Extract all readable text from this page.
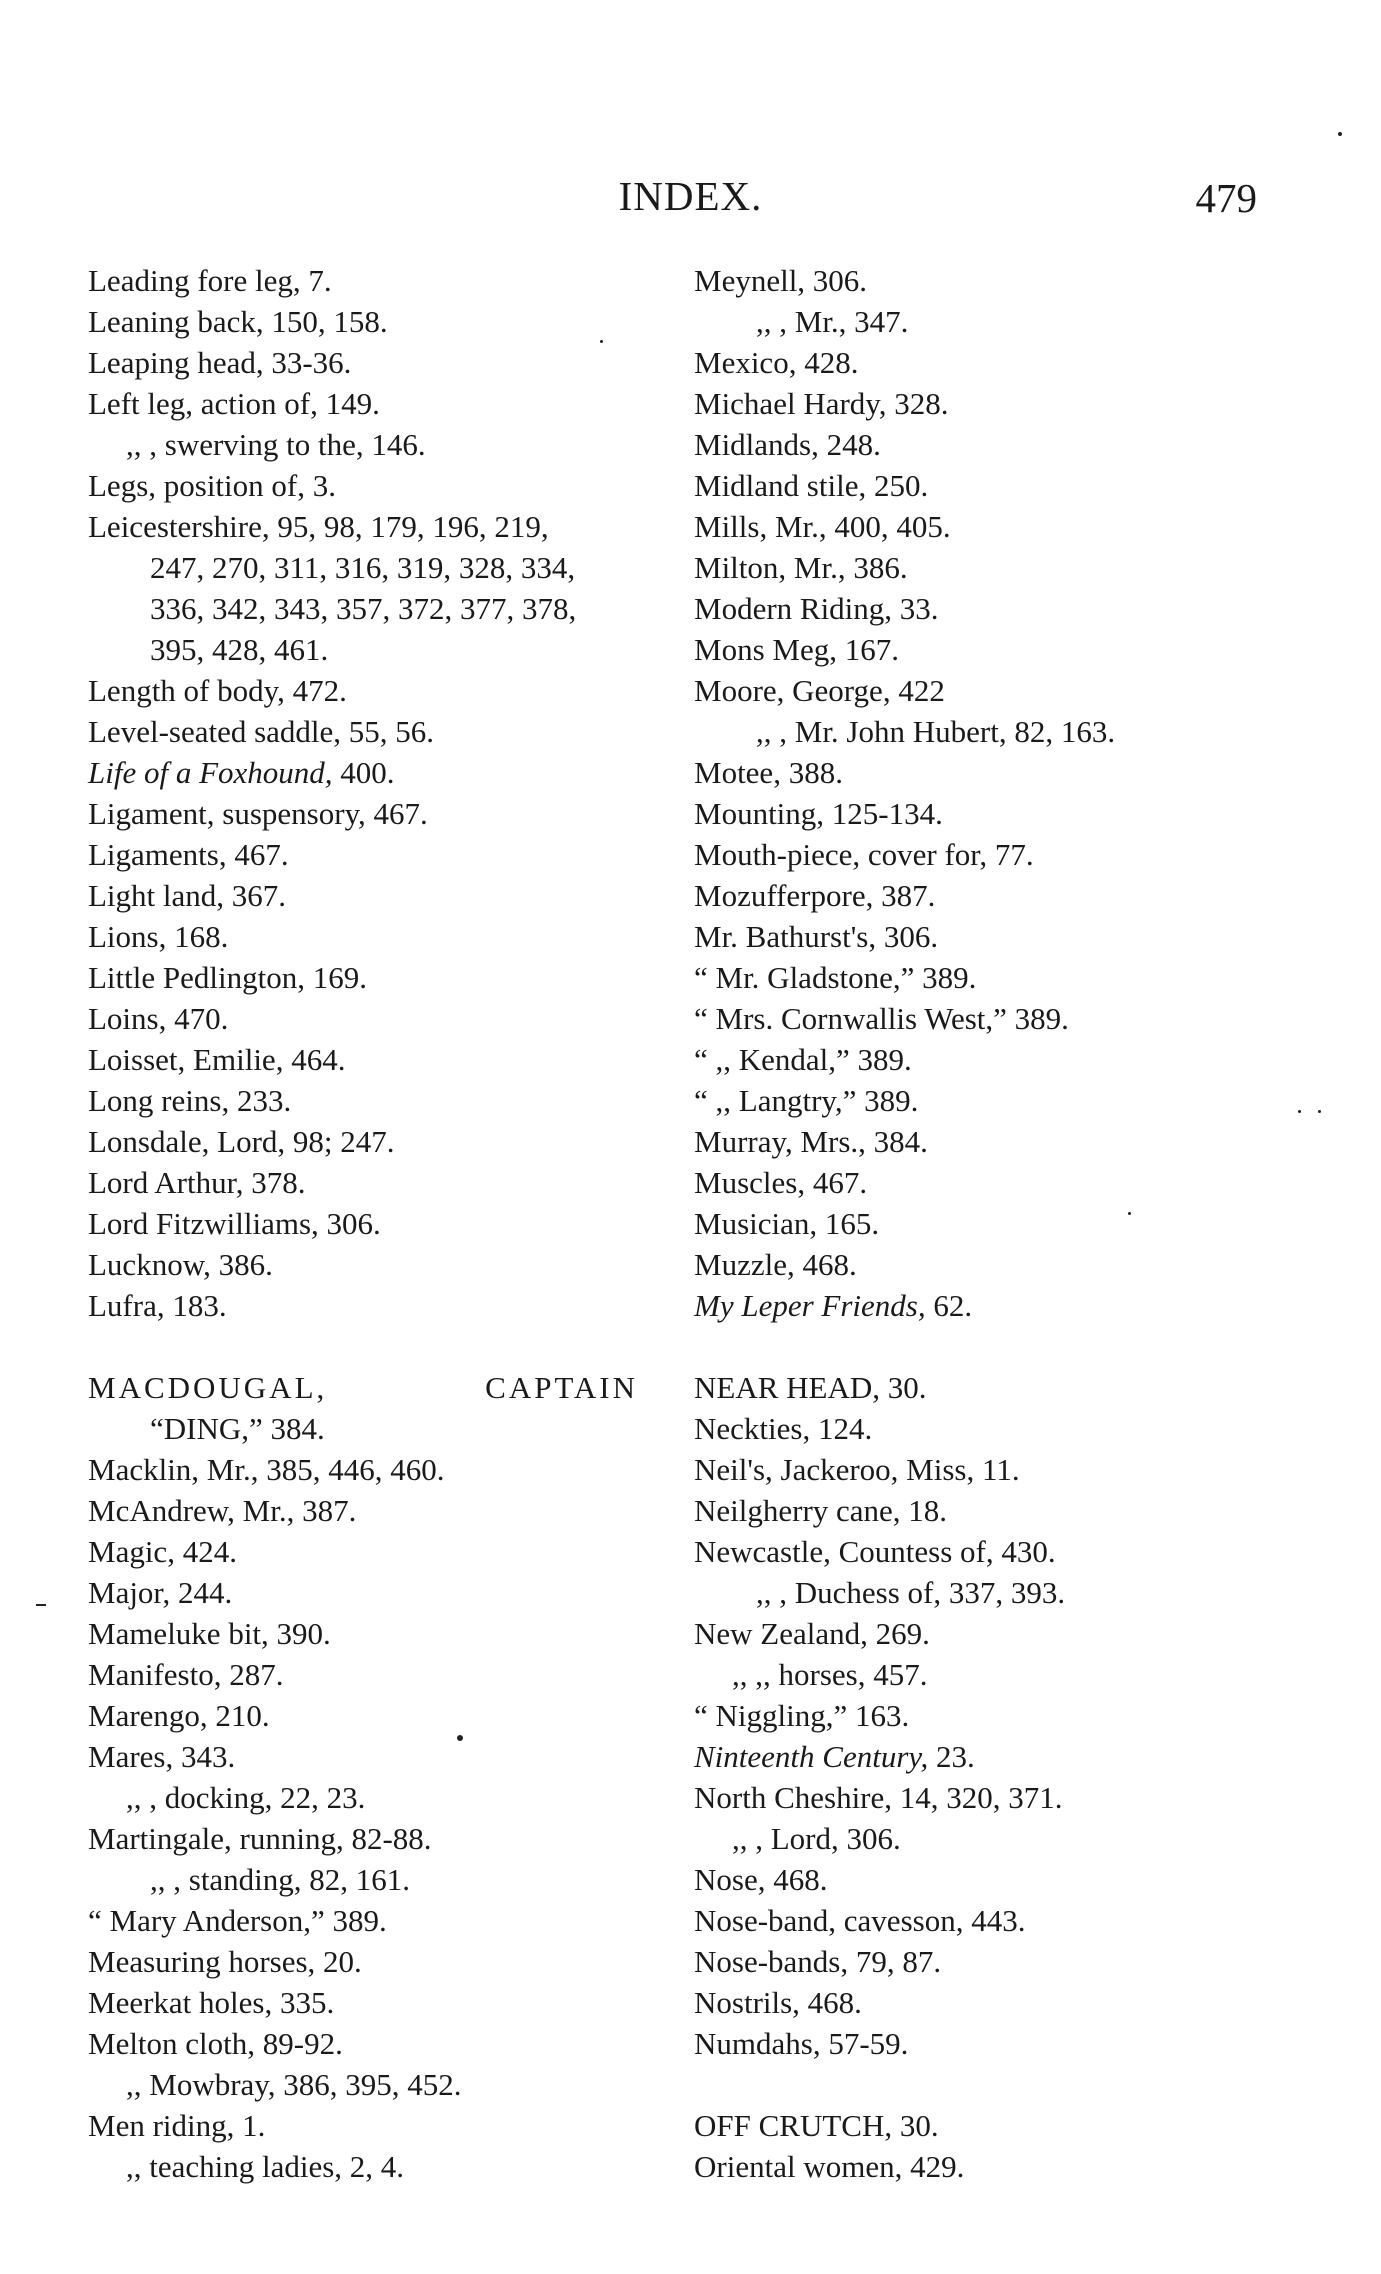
INDEX.	479
Leading fore leg, 7.
Leaning back, 150, 158.
Leaping head, 33-36.
Left leg, action of, 149.
,, , swerving to the, 146.
Legs, position of, 3.
Leicestershire, 95, 98, 179, 196, 219,
247, 270, 311, 316, 319, 328, 334,
336, 342, 343, 357, 372, 377, 378,
395, 428, 461.
Length of body, 472.
Level-seated saddle, 55, 56.
Life of a Foxhound, 400.
Ligament, suspensory, 467.
Ligaments, 467.
Light land, 367.
Lions, 168.
Little Pedlington, 169.
Loins, 470.
Loisset, Emilie, 464.
Long reins, 233.
Lonsdale, Lord, 98; 247.
Lord Arthur, 378.
Lord Fitzwilliams, 306.
Lucknow, 386.
Lufra, 183.
MACDOUGAL,	CAPTAIN
“DING,” 384.
Macklin, Mr., 385, 446, 460.
McAndrew, Mr., 387.
Magic, 424.
Major, 244.
Mameluke bit, 390.
Manifesto, 287.
Marengo, 210.
Mares, 343.
,, , docking, 22, 23.
Martingale, running, 82-88.
,, , standing, 82, 161.
“ Mary Anderson,” 389.
Measuring horses, 20.
Meerkat holes, 335.
Melton cloth, 89-92.
,, Mowbray, 386, 395, 452.
Men riding, 1.
,, teaching ladies, 2, 4.
Meynell, 306.
,, , Mr., 347.
Mexico, 428.
Michael Hardy, 328.
Midlands, 248.
Midland stile, 250.
Mills, Mr., 400, 405.
Milton, Mr., 386.
Modern Riding, 33.
Mons Meg, 167.
Moore, George, 422
,, , Mr. John Hubert, 82, 163.
Motee, 388.
Mounting, 125-134.
Mouth-piece, cover for, 77.
Mozufferpore, 387.
Mr. Bathurst's, 306.
“ Mr. Gladstone,” 389.
“ Mrs. Cornwallis West,” 389.
“ ,, Kendal,” 389.
“ ,, Langtry,” 389.
Murray, Mrs., 384.
Muscles, 467.
Musician, 165.
Muzzle, 468.
My Leper Friends, 62.
NEAR HEAD, 30.
Neckties, 124.
Neil's, Jackeroo, Miss, 11.
Neilgherry cane, 18.
Newcastle, Countess of, 430.
,, , Duchess of, 337, 393.
New Zealand, 269.
,, ,, horses, 457.
“ Niggling,” 163.
Ninteenth Century, 23.
North Cheshire, 14, 320, 371.
,, , Lord, 306.
Nose, 468.
Nose-band, cavesson, 443.
Nose-bands, 79, 87.
Nostrils, 468.
Numdahs, 57-59.
OFF CRUTCH, 30.
Oriental women, 429.
